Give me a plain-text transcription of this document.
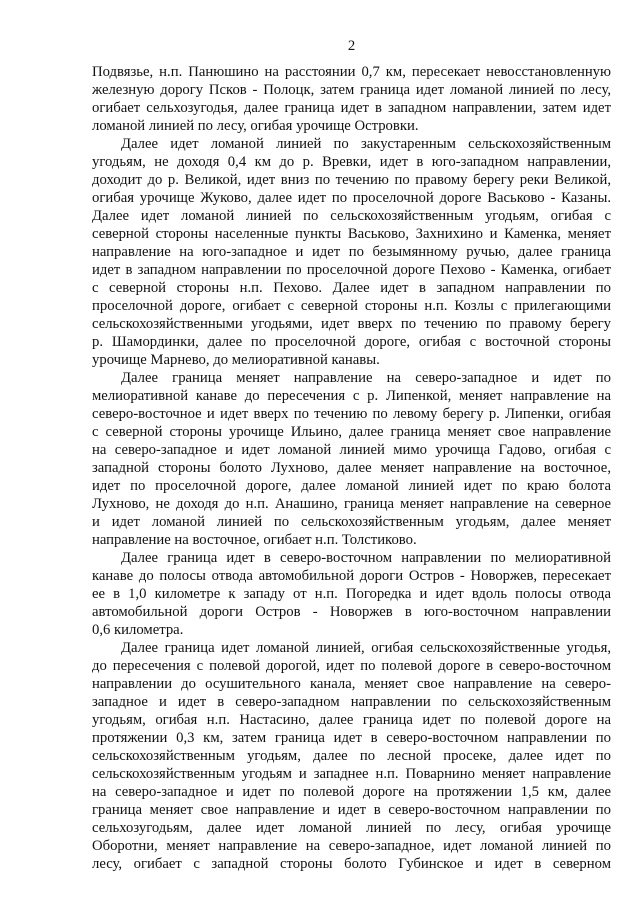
2
Подвязье, н.п. Панюшино на расстоянии 0,7 км, пересекает невосстановленную
железную дорогу Псков - Полоцк, затем граница идет ломаной линией по лесу,
огибает сельхозугодья, далее граница идет в западном направлении, затем идет
ломаной линией по лесу, огибая урочище Островки.
Далее идет ломаной линией по закустаренным сельскохозяйственным
угодьям, не доходя 0,4 км до р. Вревки, идет в юго-западном направлении,
доходит до р. Великой, идет вниз по течению по правому берегу реки Великой,
огибая урочище Жуково, далее идет по проселочной дороге Васьково - Казаны.
Далее идет ломаной линией по сельскохозяйственным угодьям, огибая с
северной стороны населенные пункты Васьково, Захнихино и Каменка, меняет
направление на юго-западное и идет по безымянному ручью, далее граница
идет в западном направлении по проселочной дороге Пехово - Каменка, огибает
с северной стороны н.п. Пехово. Далее идет в западном направлении по
проселочной дороге, огибает с северной стороны н.п. Козлы с прилегающими
сельскохозяйственными угодьями, идет вверх по течению по правому берегу
р. Шамординки, далее по проселочной дороге, огибая с восточной стороны
урочище Марнево, до мелиоративной канавы.
Далее граница меняет направление на северо-западное и идет по
мелиоративной канаве до пересечения с р. Липенкой, меняет направление на
северо-восточное и идет вверх по течению по левому берегу р. Липенки, огибая
с северной стороны урочище Ильино, далее граница меняет свое направление
на северо-западное и идет ломаной линией мимо урочища Гадово, огибая с
западной стороны болото Лухново, далее меняет направление на восточное,
идет по проселочной дороге, далее ломаной линией идет по краю болота
Лухново, не доходя до н.п. Анашино, граница меняет направление на северное
и идет ломаной линией по сельскохозяйственным угодьям, далее меняет
направление на восточное, огибает н.п. Толстиково.
Далее граница идет в северо-восточном направлении по мелиоративной
канаве до полосы отвода автомобильной дороги Остров - Новоржев, пересекает
ее в 1,0 километре к западу от н.п. Погоредка и идет вдоль полосы отвода
автомобильной дороги Остров - Новоржев в юго-восточном направлении
0,6 километра.
Далее граница идет ломаной линией, огибая сельскохозяйственные угодья,
до пересечения с полевой дорогой, идет по полевой дороге в северо-восточном
направлении до осушительного канала, меняет свое направление на северо-
западное и идет в северо-западном направлении по сельскохозяйственным
угодьям, огибая н.п. Настасино, далее граница идет по полевой дороге на
протяжении 0,3 км, затем граница идет в северо-восточном направлении по
сельскохозяйственным угодьям, далее по лесной просеке, далее идет по
сельскохозяйственным угодьям и западнее н.п. Поварнино меняет направление
на северо-западное и идет по полевой дороге на протяжении 1,5 км, далее
граница меняет свое направление и идет в северо-восточном направлении по
сельхозугодьям, далее идет ломаной линией по лесу, огибая урочище
Оборотни, меняет направление на северо-западное, идет ломаной линией по
лесу, огибает с западной стороны болото Губинское и идет в северном
